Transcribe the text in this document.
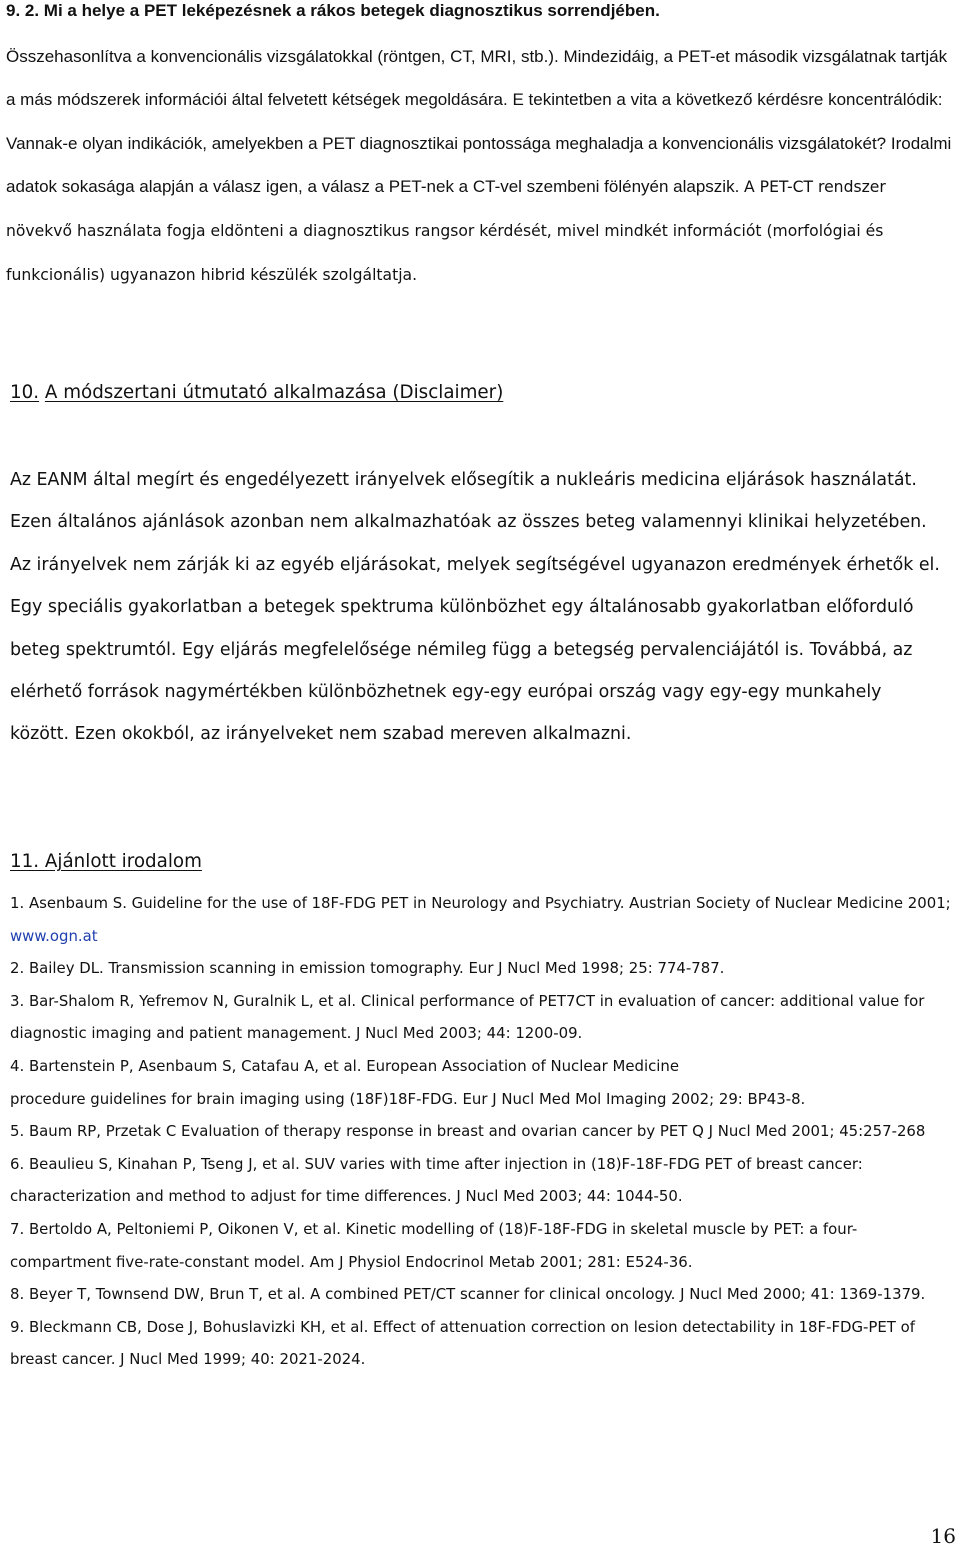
9. 2. Mi a helye a PET leképezésnek a rákos betegek diagnosztikus sorrendjében.

Összehasonlítva a konvencionális vizsgálatokkal (röntgen, CT, MRI, stb.). Mindezidáig, a PET-et második vizsgálatnak tartják a más módszerek információi által felvetett kétségek megoldására. E tekintetben a vita a következő kérdésre koncentrálódik: Vannak-e olyan indikációk, amelyekben a PET diagnosztikai pontossága meghaladja a konvencionális vizsgálatokét? Irodalmi adatok sokasága alapján a válasz igen, a válasz a PET-nek a CT-vel szembeni fölényén alapszik. A PET-CT rendszer növekvő használata fogja eldönteni a diagnosztikus rangsor kérdését, mivel mindkét információt (morfológiai és funkcionális) ugyanazon hibrid készülék szolgáltatja.

10. A módszertani útmutató alkalmazása (Disclaimer)

Az EANM által megírt és engedélyezett irányelvek elősegítik a nukleáris medicina eljárások használatát. Ezen általános ajánlások azonban nem alkalmazhatóak az összes beteg valamennyi klinikai helyzetében. Az irányelvek nem zárják ki az egyéb eljárásokat, melyek segítségével ugyanazon eredmények érhetők el. Egy speciális gyakorlatban a betegek spektruma különbözhet egy általánosabb gyakorlatban előforduló beteg spektrumtól. Egy eljárás megfelelősége némileg függ a betegség pervalenciájától is. Továbbá, az elérhető források nagymértékben különbözhetnek egy-egy európai ország vagy egy-egy munkahely között. Ezen okokból, az irányelveket nem szabad mereven alkalmazni.

11. Ajánlott irodalom
1. Asenbaum S. Guideline for the use of 18F-FDG PET in Neurology and Psychiatry. Austrian Society of Nuclear Medicine 2001; www.ogn.at
2. Bailey DL. Transmission scanning in emission tomography. Eur J Nucl Med 1998; 25: 774-787.
3. Bar-Shalom R, Yefremov N, Guralnik L, et al. Clinical performance of PET7CT in evaluation of cancer: additional value for diagnostic imaging and patient management. J Nucl Med 2003; 44: 1200-09.
4. Bartenstein P, Asenbaum S, Catafau A, et al. European Association of Nuclear Medicine
procedure guidelines for brain imaging using (18F)18F-FDG. Eur J Nucl Med Mol Imaging 2002; 29: BP43-8.
5. Baum RP, Przetak C Evaluation of therapy response in breast and ovarian cancer by PET Q J Nucl Med 2001; 45:257-268
6. Beaulieu S, Kinahan P, Tseng J, et al. SUV varies with time after injection in (18)F-18F-FDG PET of breast cancer: characterization and method to adjust for time differences. J Nucl Med 2003; 44: 1044-50.
7. Bertoldo A, Peltoniemi P, Oikonen V, et al. Kinetic modelling of (18)F-18F-FDG in skeletal muscle by PET: a four-compartment five-rate-constant model. Am J Physiol Endocrinol Metab 2001; 281: E524-36.
8. Beyer T, Townsend DW, Brun T, et al. A combined PET/CT scanner for clinical oncology. J Nucl Med 2000; 41: 1369-1379.
9. Bleckmann CB, Dose J, Bohuslavizki KH, et al. Effect of attenuation correction on lesion detectability in 18F-FDG-PET of breast cancer. J Nucl Med 1999; 40: 2021-2024.
16
